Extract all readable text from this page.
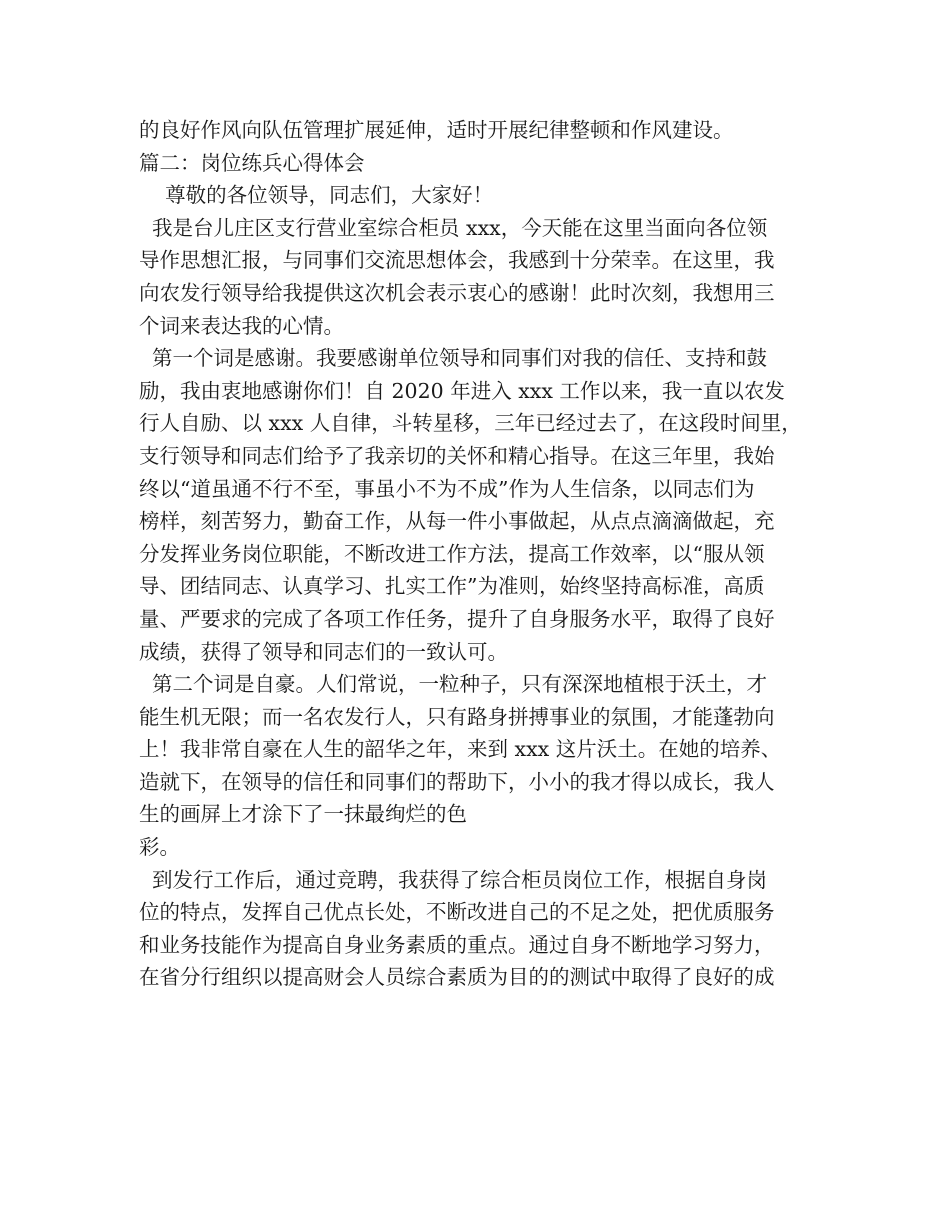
的良好作风向队伍管理扩展延伸，适时开展纪律整顿和作风建设。
篇二：岗位练兵心得体会
尊敬的各位领导，同志们，大家好！
我是台儿庄区支行营业室综合柜员 xxx，今天能在这里当面向各位领
导作思想汇报，与同事们交流思想体会，我感到十分荣幸。在这里，我
向农发行领导给我提供这次机会表示衷心的感谢！此时次刻，我想用三
个词来表达我的心情。
第一个词是感谢。我要感谢单位领导和同事们对我的信任、支持和鼓
励，我由衷地感谢你们！自 2020 年进入 xxx 工作以来，我一直以农发
行人自励、以 xxx 人自律，斗转星移，三年已经过去了，在这段时间里，
支行领导和同志们给予了我亲切的关怀和精心指导。在这三年里，我始
终以“道虽通不行不至，事虽小不为不成”作为人生信条，以同志们为
榜样，刻苦努力，勤奋工作，从每一件小事做起，从点点滴滴做起，充
分发挥业务岗位职能，不断改进工作方法，提高工作效率，以“服从领
导、团结同志、认真学习、扎实工作”为准则，始终坚持高标准，高质
量、严要求的完成了各项工作任务，提升了自身服务水平，取得了良好
成绩，获得了领导和同志们的一致认可。
第二个词是自豪。人们常说，一粒种子，只有深深地植根于沃土，才
能生机无限；而一名农发行人，只有路身拼搏事业的氛围，才能蓬勃向
上！我非常自豪在人生的韶华之年，来到 xxx 这片沃土。在她的培养、
造就下，在领导的信任和同事们的帮助下，小小的我才得以成长，我人
生的画屏上才涂下了一抹最绚烂的色
彩。
到发行工作后，通过竞聘，我获得了综合柜员岗位工作，根据自身岗
位的特点，发挥自己优点长处，不断改进自己的不足之处，把优质服务
和业务技能作为提高自身业务素质的重点。通过自身不断地学习努力，
在省分行组织以提高财会人员综合素质为目的的测试中取得了良好的成
